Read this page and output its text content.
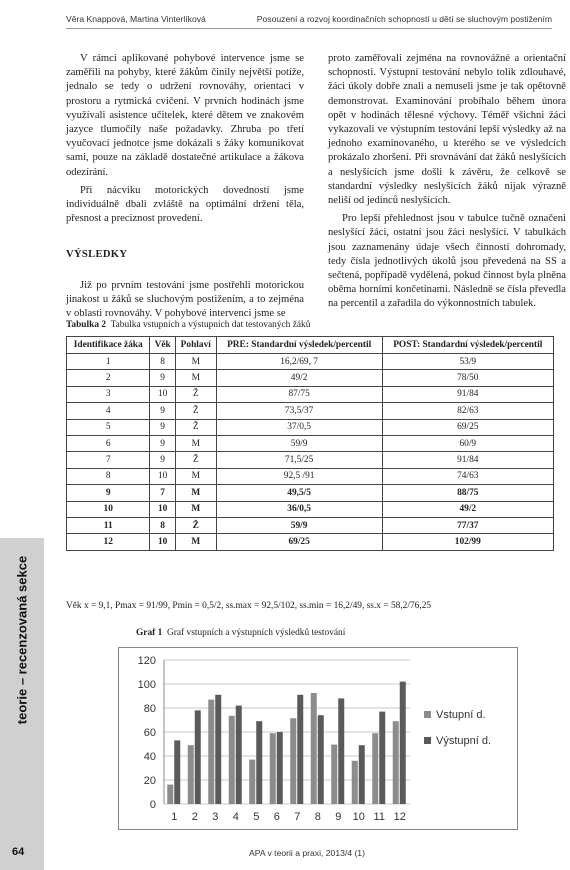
Věra Knappová, Martina Vinterlíková	Posouzení a rozvoj koordinačních schopností u dětí se sluchovým postižením

V rámci aplikované pohybové intervence jsme se zaměřili na pohyby, které žákům činily největší potíže, jednalo se tedy o udržení rovnováhy, orientaci v prostoru a rytmická cvičení. V prvních hodinách jsme využívali asistence učitelek, které dětem ve znakovém jazyce tlumočily naše požadavky. Zhruba po třetí vyučovací jednotce jsme dokázali s žáky komunikovat sami, pouze na základě dostatečné artikulace a žákova odezírání.

Při nácviku motorických dovedností jsme individuálně dbali zvláště na optimální držení těla, přesnost a preciznost provedení.

VÝSLEDKY

Již po prvním testování jsme postřehli motorickou jinakost u žáků se sluchovým postižením, a to zejména v oblasti rovnováhy. V pohybové intervenci jsme se

proto zaměřovali zejména na rovnovážné a orientační schopnosti. Výstupní testování nebylo tolik zdlouhavé, žáci úkoly dobře znali a nemuseli jsme je tak opětovně demonstrovat. Examinování probíhalo během února opět v hodinách tělesné výchovy. Téměř všichni žáci vykazovali ve výstupním testování lepší výsledky až na jednoho examinovaného, u kterého se ve výsledcích prokázalo zhoršení. Při srovnávání dat žáků neslyšících a neslyšících jsme došli k závěru, že celkově se standardní výsledky neslyšících žáků nijak výrazně neliší od jedinců neslyšících.

Pro lepší přehlednost jsou v tabulce tučně označeni neslyšící žáci, ostatní jsou žáci neslyšící. V tabulkách jsou zaznamenány údaje všech činností dohromady, tedy čísla jednotlivých úkolů jsou převedená na SS a sečtená, popřípadě vydělená, pokud činnost byla plněna oběma horními končetinami. Následně se čísla převedla na percentil a zařadila do výkonnostních tabulek.

Tabulka 2 Tabulka vstupních a výstupních dat testovaných žáků
Identifikace žáka	Věk	Pohlaví	PRE: Standardní výsledek/percentil	POST: Standardní výsledek/percentil
1	8	M	16,2/69, 7	53/9
2	9	M	49/2	78/50
3	10	Ž	87/75	91/84
4	9	Ž	73,5/37	82/63
5	9	Ž	37/0,5	69/25
6	9	M	59/9	60/9
7	9	Ž	71,5/25	91/84
8	10	M	92,5 /91	74/63
9	7	M	49,5/5	88/75
10	10	M	36/0,5	49/2
11	8	Ž	59/9	77/37
12	10	M	69/25	102/99
Věk x = 9,1, Pmax = 91/99, Pmin = 0,5/2, ss.max = 92,5/102, ss.min = 16,2/49, ss.x = 58,2/76,25
Graf 1 Graf vstupních a výstupních výsledků testování
0
20
40
60
80
100
120
1 2 3 4 5 6 7 8 9 10 11 12
Vstupní d.
Výstupní d.
teorie – recenzovaná sekce
64	APA v teorii a praxi, 2013/4 (1)
